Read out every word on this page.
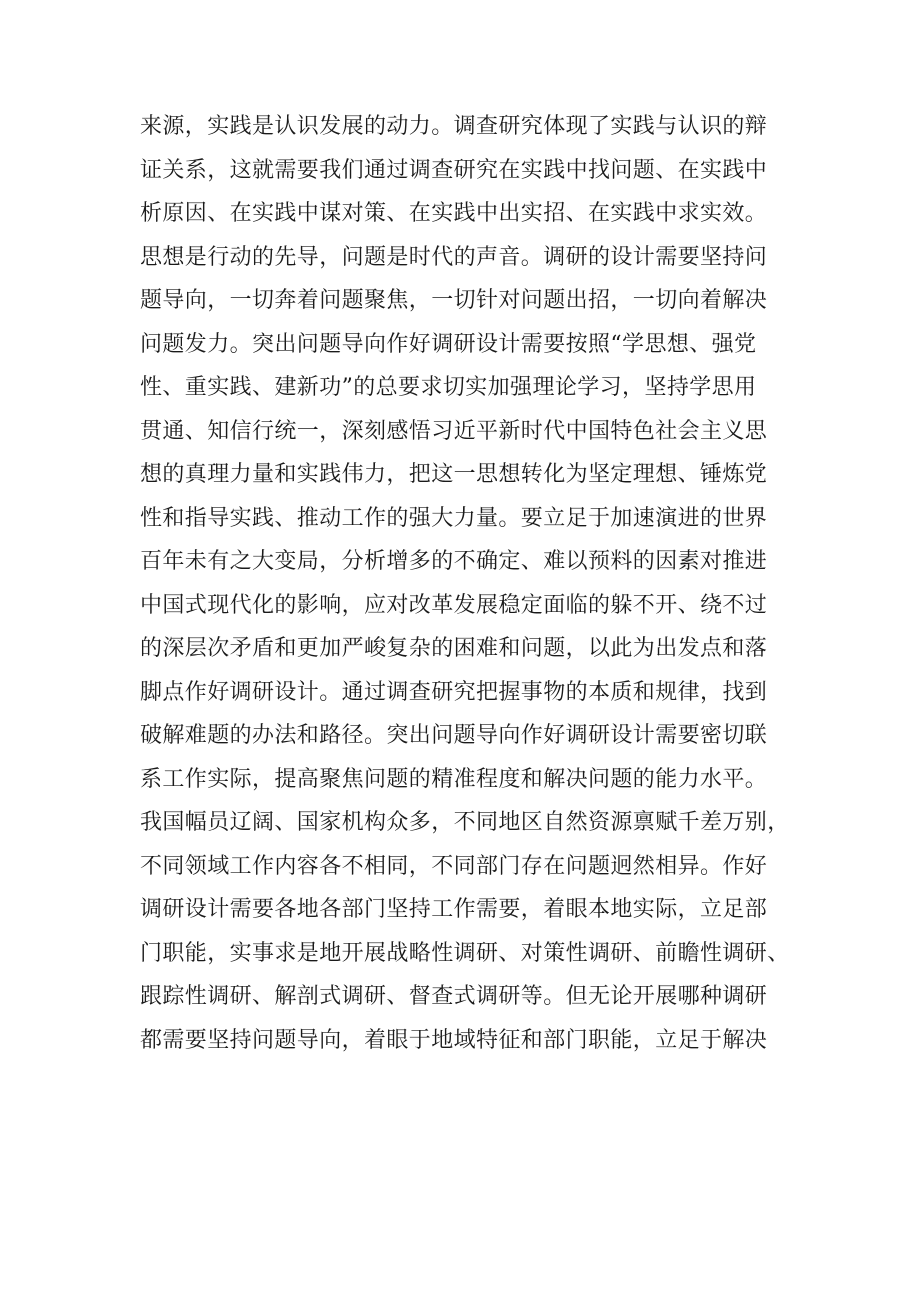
来源，实践是认识发展的动力。调查研究体现了实践与认识的辩
证关系，这就需要我们通过调查研究在实践中找问题、在实践中
析原因、在实践中谋对策、在实践中出实招、在实践中求实效。
思想是行动的先导，问题是时代的声音。调研的设计需要坚持问
题导向，一切奔着问题聚焦，一切针对问题出招，一切向着解决
问题发力。突出问题导向作好调研设计需要按照“学思想、强党
性、重实践、建新功”的总要求切实加强理论学习，坚持学思用
贯通、知信行统一，深刻感悟习近平新时代中国特色社会主义思
想的真理力量和实践伟力，把这一思想转化为坚定理想、锤炼党
性和指导实践、推动工作的强大力量。要立足于加速演进的世界
百年未有之大变局，分析增多的不确定、难以预料的因素对推进
中国式现代化的影响，应对改革发展稳定面临的躲不开、绕不过
的深层次矛盾和更加严峻复杂的困难和问题，以此为出发点和落
脚点作好调研设计。通过调查研究把握事物的本质和规律，找到
破解难题的办法和路径。突出问题导向作好调研设计需要密切联
系工作实际，提高聚焦问题的精准程度和解决问题的能力水平。
我国幅员辽阔、国家机构众多，不同地区自然资源禀赋千差万别，
不同领域工作内容各不相同，不同部门存在问题迥然相异。作好
调研设计需要各地各部门坚持工作需要，着眼本地实际，立足部
门职能，实事求是地开展战略性调研、对策性调研、前瞻性调研、
跟踪性调研、解剖式调研、督查式调研等。但无论开展哪种调研
都需要坚持问题导向，着眼于地域特征和部门职能，立足于解决
